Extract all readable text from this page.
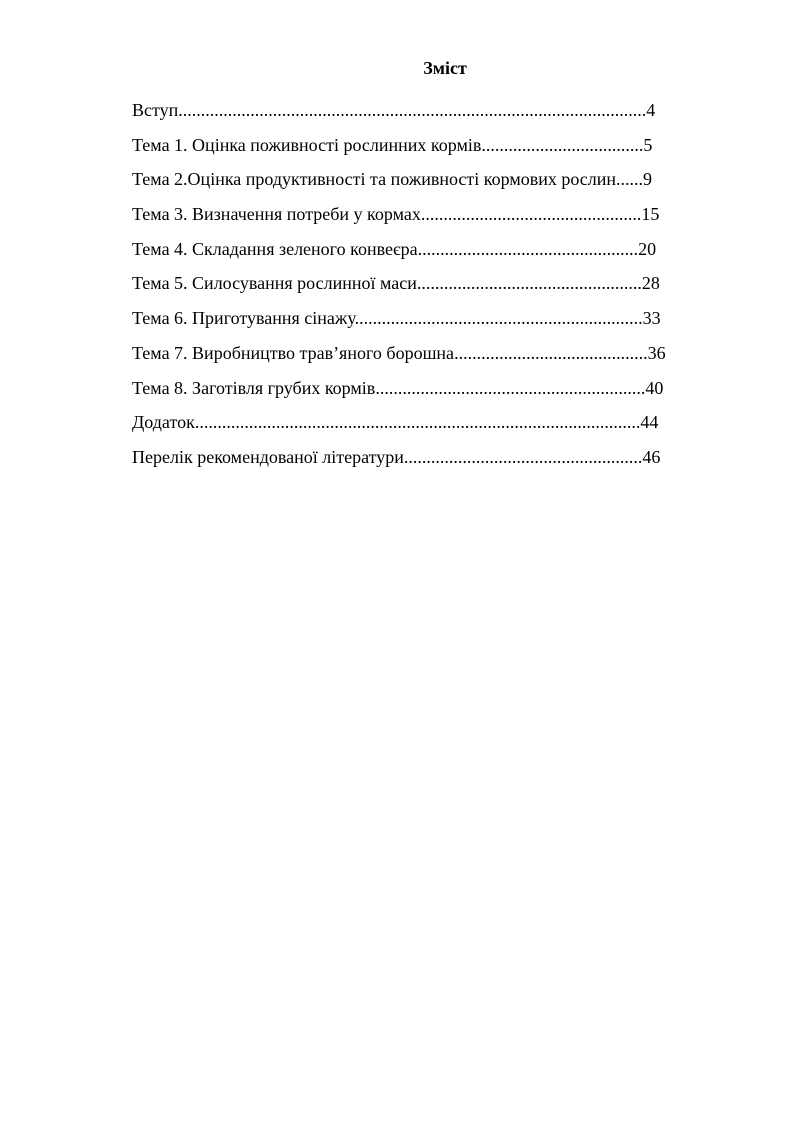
Зміст
Вступ........................................................................................................4
Тема 1. Оцінка поживності рослинних кормів....................................5
Тема 2.Оцінка продуктивності та поживності кормових рослин......9
Тема 3. Визначення потреби у кормах.................................................15
Тема 4. Складання зеленого конвеєра.................................................20
Тема 5. Силосування рослинної маси..................................................28
Тема 6. Приготування сінажу................................................................33
Тема 7. Виробництво трав’яного борошна...........................................36
Тема 8. Заготівля грубих кормів............................................................40
Додаток...................................................................................................44
Перелік рекомендованої літератури.....................................................46
